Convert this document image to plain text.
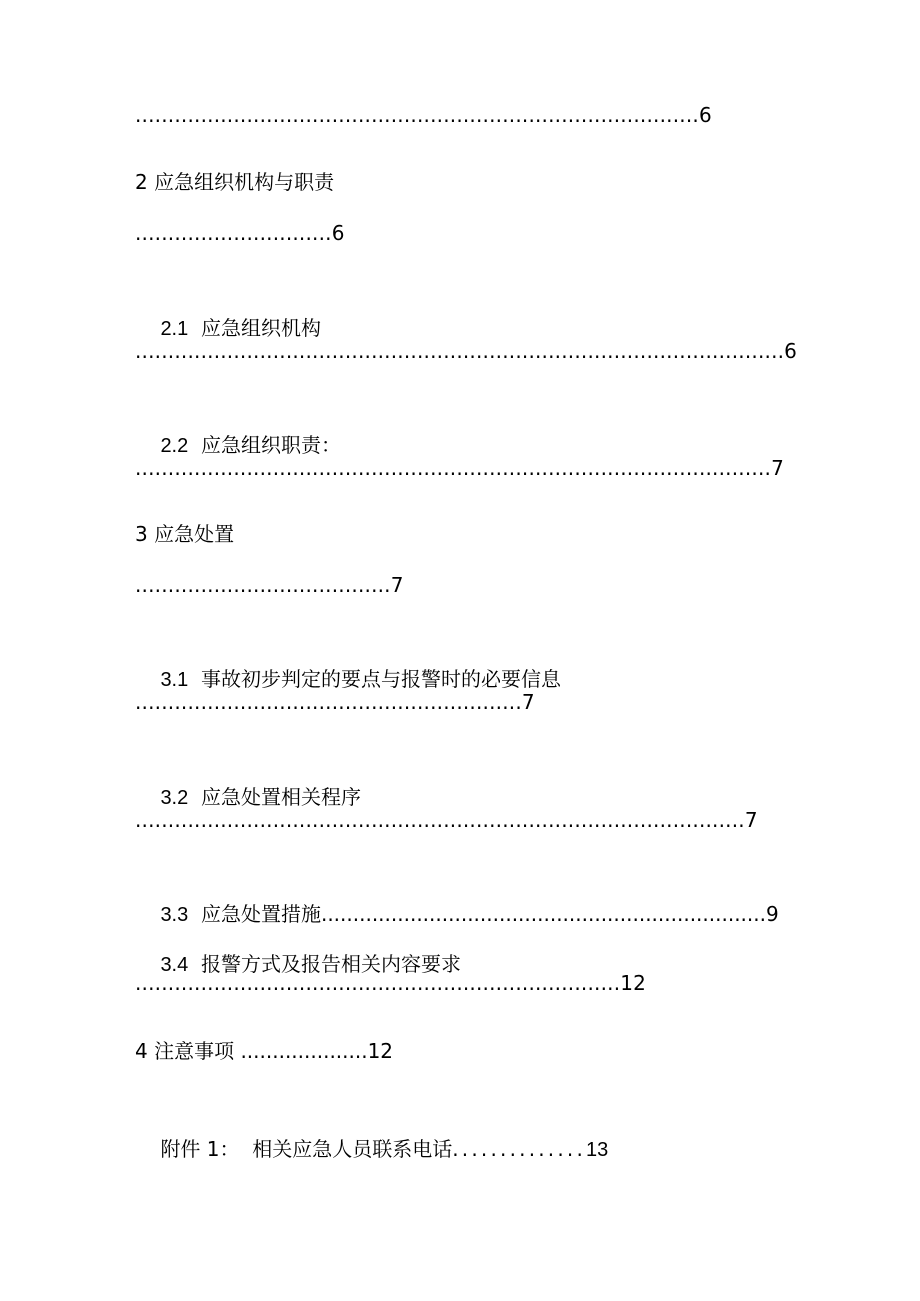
......................................................................................6
2 应急组织机构与职责
..............................6

2.1 应急组织机构

...................................................................................................6

2.2 应急组织职责：

.................................................................................................7
3 应急处置
.......................................7

3.1 事故初步判定的要点与报警时的必要信息

...........................................................7

3.2 应急处置相关程序

.............................................................................................7

3.3 应急处置措施......................................................................9

3.4 报警方式及报告相关内容要求

..........................................................................12
4 注意事项 ....................12

附件 1：  相关应急人员联系电话..............13
